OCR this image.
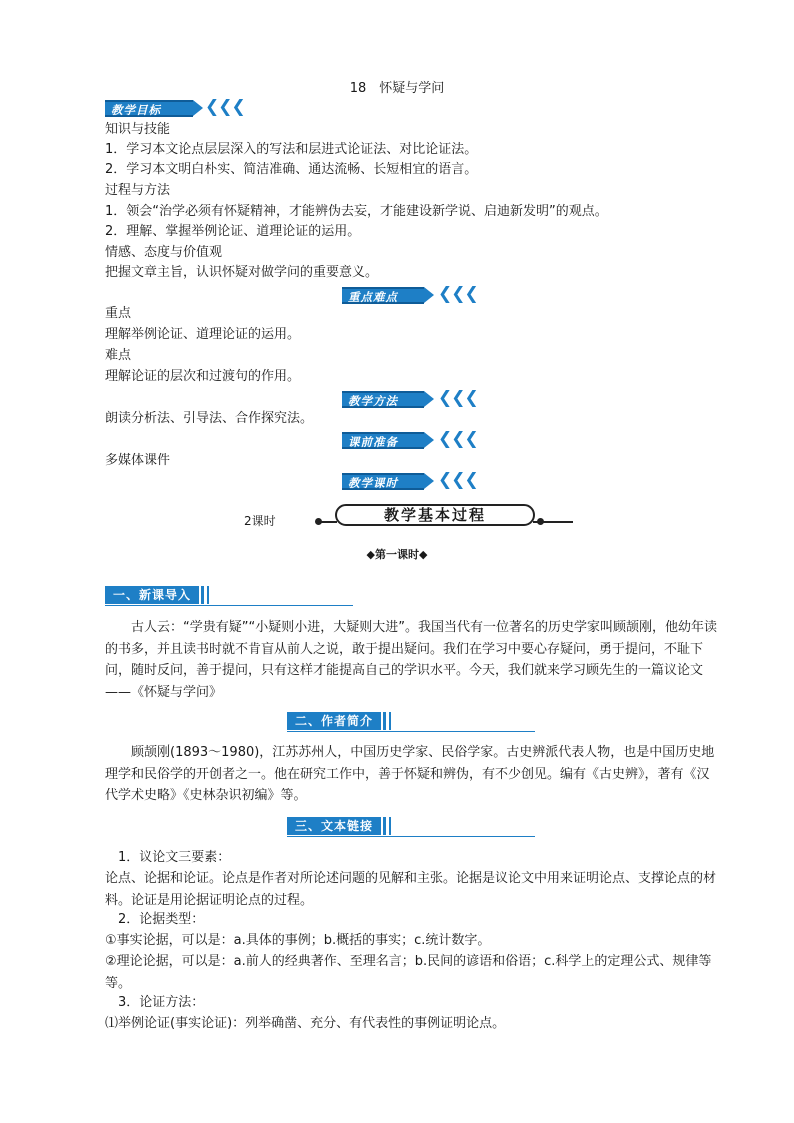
18　怀疑与学问
教学目标	❮❮❮
知识与技能
1．学习本文论点层层深入的写法和层进式论证法、对比论证法。
2．学习本文明白朴实、简洁准确、通达流畅、长短相宜的语言。
过程与方法
1．领会“治学必须有怀疑精神，才能辨伪去妄，才能建设新学说、启迪新发明”的观点。
2．理解、掌握举例论证、道理论证的运用。
情感、态度与价值观
把握文章主旨，认识怀疑对做学问的重要意义。
重点难点	❮❮❮
重点
理解举例论证、道理论证的运用。
难点
理解论证的层次和过渡句的作用。
教学方法	❮❮❮
朗读分析法、引导法、合作探究法。
课前准备	❮❮❮
多媒体课件
教学课时	❮❮❮
2课时	教学基本过程
◆第一课时◆
一、新课导入
古人云：“学贵有疑”“小疑则小进，大疑则大进”。我国当代有一位著名的历史学家叫顾颉刚，他幼年读的书多，并且读书时就不肯盲从前人之说，敢于提出疑问。我们在学习中要心存疑问，勇于提问，不耻下问，随时反问，善于提问，只有这样才能提高自己的学识水平。今天，我们就来学习顾先生的一篇议论文——《怀疑与学问》
二、作者简介
顾颉刚(1893～1980)，江苏苏州人，中国历史学家、民俗学家。古史辨派代表人物，也是中国历史地理学和民俗学的开创者之一。他在研究工作中，善于怀疑和辨伪，有不少创见。编有《古史辨》，著有《汉代学术史略》《史林杂识初编》等。
三、文本链接
1．议论文三要素：
论点、论据和论证。论点是作者对所论述问题的见解和主张。论据是议论文中用来证明论点、支撑论点的材料。论证是用论据证明论点的过程。
2．论据类型：
①事实论据，可以是：a.具体的事例；b.概括的事实；c.统计数字。
②理论论据，可以是：a.前人的经典著作、至理名言；b.民间的谚语和俗语；c.科学上的定理公式、规律等等。
3．论证方法：
⑴举例论证(事实论证)：列举确凿、充分、有代表性的事例证明论点。
